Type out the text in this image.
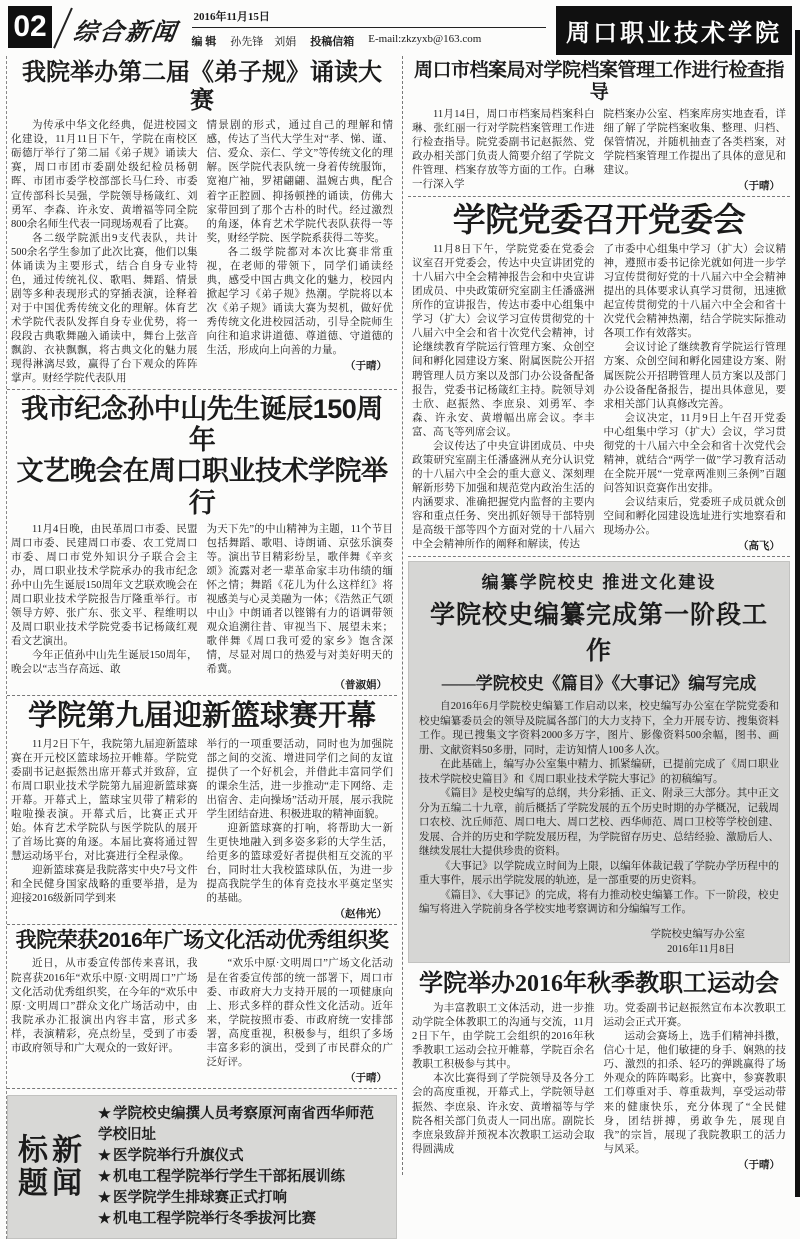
02 综合新闻
2016年11月15日
编 辑 孙先锋　刘娟 投稿信箱 E-mail:zkzyxb@163.com	周口职业技术学院
我院举办第二届《弟子规》诵读大赛

为传承中华文化经典，促进校园文化建设，11月11日下午，学院在南校区砺德厅举行了第二届《弟子规》诵读大赛，周口市团市委副处级纪检员杨朝晖、市团市委学校部部长马仁玲、市委宣传部科长吴强，学院领导杨箴红、刘勇军、李森、许永安、黄增福等同全院800余名师生代表一同现场观看了比赛。

各二级学院派出9支代表队，共计500余名学生参加了此次比赛，他们以集体诵读为主要形式，结合自身专业特色，通过传统礼仪、歌唱、舞蹈、情景剧等多种表现形式的穿插表演，诠释着对于中国优秀传统文化的理解。体育艺术学院代表队发挥自身专业优势，将一段段古典歌舞融入诵读中，舞台上弦音飘韵、衣袂飘飘，将古典文化的魅力展现得淋漓尽致，赢得了台下观众的阵阵掌声。财经学院代表队用

情景剧的形式，通过自己的理解和情感，传达了当代大学生对“孝、悌、谨、信、爱众、亲仁、学文”等传统文化的理解。医学院代表队统一身着传统服饰，宽袍广袖，罗裙翩翩、温婉古典，配合着字正腔圆、抑扬顿挫的诵读，仿佛大家带回到了那个古朴的时代。经过激烈的角逐，体育艺术学院代表队获得一等奖，财经学院、医学院系获得二等奖。

各二级学院都对本次比赛非常重视，在老师的带领下，同学们诵读经典，感受中国古典文化的魅力，校园内掀起学习《弟子规》热潮。学院将以本次《弟子规》诵读大赛为契机，做好优秀传统文化进校园活动，引导全院师生向往和追求讲道德、尊道德、守道德的生活，形成向上向善的力量。

（于晴）

我市纪念孙中山先生诞辰150周年
文艺晚会在周口职业技术学院举行

11月4日晚，由民革周口市委、民盟周口市委、民建周口市委、农工党周口市委、周口市党外知识分子联合会主办，周口职业技术学院承办的我市纪念孙中山先生诞辰150周年文艺联欢晚会在周口职业技术学院报告厅隆重举行。市领导方婷、张广东、张文平、程维明以及周口职业技术学院党委书记杨箴红观看文艺演出。

今年正值孙中山先生诞辰150周年，晚会以“志当存高远、敢

为天下先”的中山精神为主题，11个节目包括舞蹈、歌唱、诗朗诵、京弦乐演奏等。演出节目精彩纷呈，歌伴舞《辛亥颂》流露对老一辈革命家丰功伟绩的缅怀之情；舞蹈《花儿为什么这样红》将视感美与心灵美融为一体；《浩然正气颂中山》中朗诵者以铿锵有力的语调带领观众追溯往昔、审视当下、展望未来；歌伴舞《周口我可爱的家乡》饱含深情，尽显对周口的热爱与对美好明天的希冀。

（普淑娟）

学院第九届迎新篮球赛开幕

11月2日下午，我院第九届迎新篮球赛在开元校区篮球场拉开帷幕。学院党委副书记赵振然出席开幕式并致辞，宣布周口职业技术学院第九届迎新篮球赛开幕。开幕式上，篮球宝贝带了精彩的啦啦操表演。开幕式后，比赛正式开始。体育艺术学院队与医学院队的展开了首场比赛的角逐。本届比赛将通过智慧运动场平台，对比赛进行全程录像。

迎新篮球赛是我院落实中央7号文件和全民健身国家战略的重要举措，是为迎接2016级新同学到来

举行的一项重要活动，同时也为加强院部之间的交流、增进同学们之间的友谊提供了一个好机会，并借此丰富同学们的课余生活，进一步推动“走下网络、走出宿舍、走向操场”活动开展，展示我院学生团结奋进、积极进取的精神面貌。

迎新篮球赛的打响，将帮助大一新生更快地融入到多姿多彩的大学生活，给更多的篮球爱好者提供相互交流的平台，同时壮大我校篮球队伍，为进一步提高我院学生的体育竞技水平奠定坚实的基础。

（赵伟光）

我院荣获2016年广场文化活动优秀组织奖

近日，从市委宣传部传来喜讯，我院喜获2016年“欢乐中原·文明周口”广场文化活动优秀组织奖，在今年的“欢乐中原·文明周口”群众文化广场活动中，由我院承办汇报演出内容丰富，形式多样，表演精彩，亮点纷呈，受到了市委市政府领导和广大观众的一致好评。

“欢乐中原·文明周口”广场文化活动是在省委宣传部的统一部署下，周口市委、市政府大力支持开展的一项健康向上、形式多样的群众性文化活动。近年来，学院按照市委、市政府统一安排部署，高度重视，积极参与，组织了多场丰富多彩的演出，受到了市民群众的广泛好评。

（于晴）

标新
题闻
★ 学院校史编撰人员考察原河南省西华师范学校旧址
★ 医学院举行升旗仪式
★ 机电工程学院举行学生干部拓展训练
★ 医学院学生排球赛正式打响
★ 机电工程学院举行冬季拔河比赛
周口市档案局对学院档案管理工作进行检查指导

11月14日，周口市档案局档案科白琳、张红丽一行对学院档案管理工作进行检查指导。院党委副书记赵振然、党政办相关部门负责人简要介绍了学院文件管理、档案存放等方面的工作。白琳一行深入学

院档案办公室、档案库房实地查看，详细了解了学院档案收集、整理、归档、保管情况，并随机抽查了各类档案，对学院档案管理工作提出了具体的意见和建议。

（于晴）

学院党委召开党委会

11月8日下午，学院党委在党委会议室召开党委会，传达中央宣讲团党的十八届六中全会精神报告会和中央宣讲团成员、中央政策研究室副主任潘盛洲所作的宣讲报告，传达市委中心组集中学习（扩大）会议学习宣传贯彻党的十八届六中全会和省十次党代会精神，讨论继续教育学院运行管理方案、众创空间和孵化园建设方案、附属医院公开招聘管理人员方案以及部门办公设备配备报告，党委书记杨箴红主持。院领导刘士欣、赵振然、李庶泉、刘勇军、李森、许永安、黄增幅出席会议。李丰富、高飞等列席会议。

会议传达了中央宣讲团成员、中央政策研究室副主任潘盛洲从充分认识党的十八届六中全会的重大意义、深刻理解新形势下加强和规范党内政治生活的内涵要求、准确把握党内监督的主要内容和重点任务、突出抓好领导干部特别是高级干部等四个方面对党的十八届六中全会精神所作的阐释和解读，传达

了市委中心组集中学习（扩大）会议精神，遵照市委书记徐光就如何进一步学习宣传贯彻好党的十八届六中全会精神提出的具体要求认真学习贯彻，迅速掀起宣传贯彻党的十八届六中全会和省十次党代会精神热潮，结合学院实际推动各项工作有效落实。

会议讨论了继续教育学院运行管理方案、众创空间和孵化园建设方案、附属医院公开招聘管理人员方案以及部门办公设备配备报告，提出具体意见，要求相关部门认真修改完善。

会议决定，11月9日上午召开党委中心组集中学习（扩大）会议，学习贯彻党的十八届六中全会和省十次党代会精神，就结合“两学一做”学习教育活动在全院开展“一党章两准则三条例”百题问答知识竞赛作出安排。

会议结束后，党委班子成员就众创空间和孵化园建设选址进行实地察看和现场办公。

（高飞）

编纂学院校史 推进文化建设

学院校史编纂完成第一阶段工作

——学院校史《篇目》《大事记》编写完成

自2016年6月学院校史编纂工作启动以来，校史编写办公室在学院党委和校史编纂委员会的领导及院属各部门的大力支持下，全力开展专访、搜集资料工作。现已搜集文字资料2000多万字，图片、影像资料500余幅，图书、画册、文献资料50多册，同时，走访知情人100多人次。

在此基础上，编写办公室集中精力、抓紧编研，已提前完成了《周口职业技术学院校史篇目》和《周口职业技术学院大事记》的初稿编写。

《篇目》是校史编写的总纲，共分彩插、正文、附录三大部分。其中正文分为五编二十九章，前后概括了学院发展的五个历史时期的办学概况，记载周口农校、沈丘师范、周口电大、周口艺校、西华师范、周口卫校等学校创建、发展、合并的历史和学院发展历程，为学院留存历史、总结经验、激励后人、继续发展壮大提供珍贵的资料。

《大事记》以学院成立时间为上限，以编年体裁记载了学院办学历程中的重大事件，展示出学院发展的轨迹，是一部重要的历史资料。

《篇目》、《大事记》的完成，将有力推动校史编纂工作。下一阶段，校史编写将进入学院前身各学校实地考察调访和分编编写工作。

学院校史编写办公室

2016年11月8日

学院举办2016年秋季教职工运动会

为丰富教职工文体活动，进一步推动学院全体教职工的沟通与交流，11月2日下午，由学院工会组织的2016年秋季教职工运动会拉开帷幕，学院百余名教职工积极参与其中。

本次比赛得到了学院领导及各分工会的高度重视，开幕式上，学院领导赵振然、李庶泉、许永安、黄增福等与学院各相关部门负责人一同出席。副院长李庶泉致辞并预祝本次教职工运动会取得圆满成

功。党委副书记赵振然宣布本次教职工运动会正式开赛。

运动会赛场上，选手们精神抖擞，信心十足，他们敏捷的身手、娴熟的技巧、激烈的扣杀、轻巧的弹跳赢得了场外观众的阵阵喝彩。比赛中，参赛教职工们尊重对手、尊重裁判，享受运动带来的健康快乐，充分体现了“全民健身，团结拼搏，勇敢争先，展现自我”的宗旨，展现了我院教职工的活力与风采。

（于晴）
